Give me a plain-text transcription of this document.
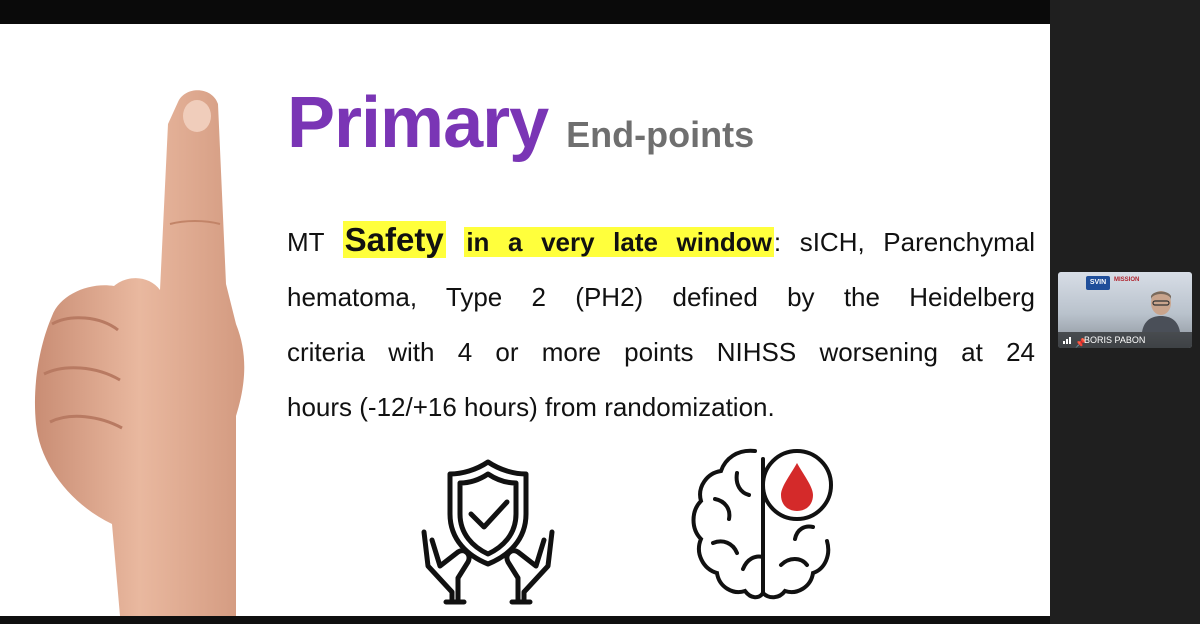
Primary End-points
MT Safety in a very late window: sICH, Parenchymal
hematoma, Type 2 (PH2) defined by the Heidelberg
criteria with 4 or more points NIHSS worsening at 24
hours (-12/+16 hours) from randomization.
SVIN	MISSION
📌
BORIS PABON
